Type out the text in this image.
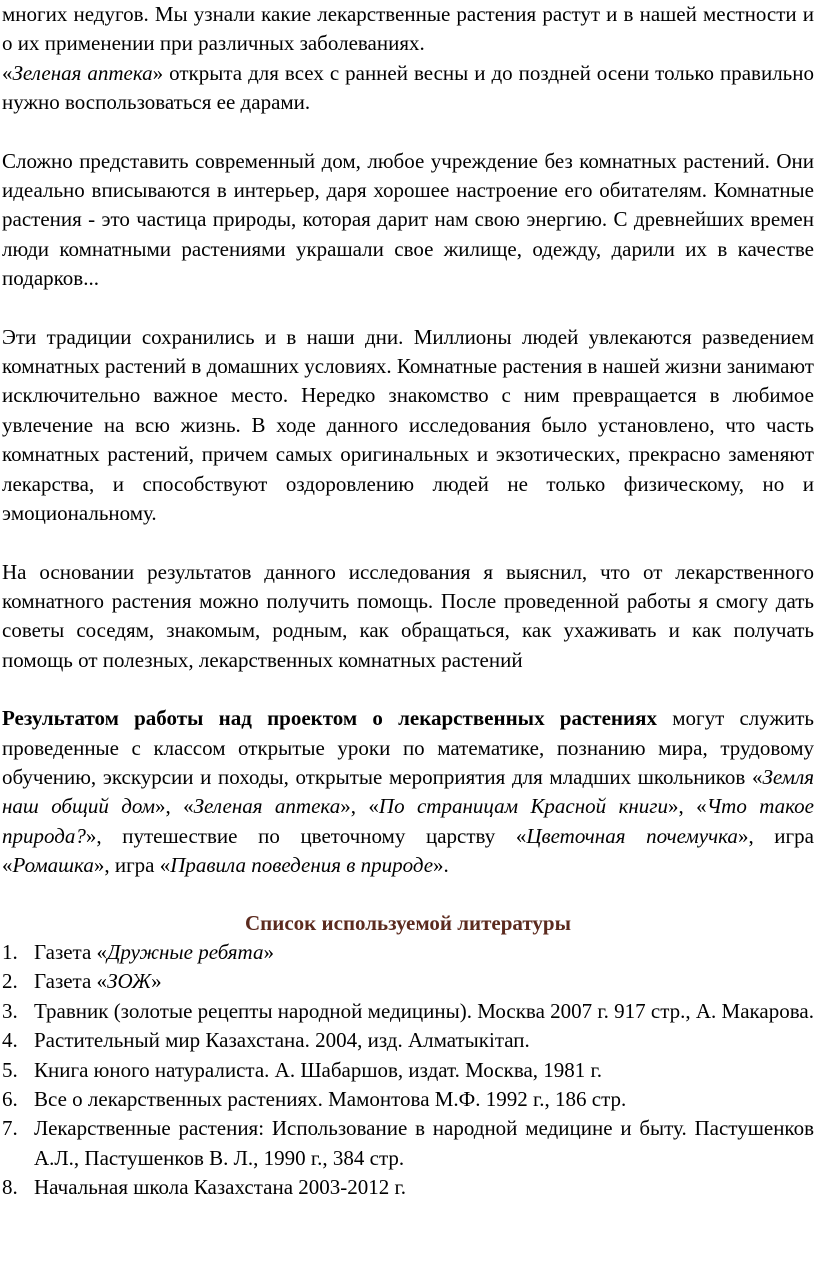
многих недугов. Мы узнали какие лекарственные растения растут и в нашей местности и о их применении при различных заболеваниях.
«Зеленая аптека» открыта для всех с ранней весны и до поздней осени только правильно нужно воспользоваться ее дарами.

Сложно представить современный дом, любое учреждение без комнатных растений. Они идеально вписываются в интерьер, даря хорошее настроение его обитателям. Комнатные растения - это частица природы, которая дарит нам свою энергию. С древнейших времен люди комнатными растениями украшали свое жилище, одежду, дарили их в качестве подарков...

Эти традиции сохранились и в наши дни. Миллионы людей увлекаются разведением комнатных растений в домашних условиях. Комнатные растения в нашей жизни занимают исключительно важное место. Нередко знакомство с ним превращается в любимое увлечение на всю жизнь. В ходе данного исследования было установлено, что часть комнатных растений, причем самых оригинальных и экзотических, прекрасно заменяют лекарства, и способствуют оздоровлению людей не только физическому, но и эмоциональному.

На основании результатов данного исследования я выяснил, что от лекарственного комнатного растения можно получить помощь. После проведенной работы я смогу дать советы соседям, знакомым, родным, как обращаться, как ухаживать и как получать помощь от полезных, лекарственных комнатных растений

Результатом работы над проектом о лекарственных растениях могут служить проведенные с классом открытые уроки по математике, познанию мира, трудовому обучению, экскурсии и походы, открытые мероприятия для младших школьников «Земля наш общий дом», «Зеленая аптека», «По страницам Красной книги», «Что такое природа?», путешествие по цветочному царству «Цветочная почемучка», игра «Ромашка», игра «Правила поведения в природе».

Список используемой литературы
1. Газета «Дружные ребята»
2. Газета «ЗОЖ»
3. Травник (золотые рецепты народной медицины). Москва 2007 г. 917 стр., А. Макарова.
4. Растительный мир Казахстана. 2004, изд. Алматыкітап.
5. Книга юного натуралиста. А. Шабаршов, издат. Москва, 1981 г.
6. Все о лекарственных растениях. Мамонтова М.Ф. 1992 г., 186 стр.
7. Лекарственные растения: Использование в народной медицине и быту. Пастушенков А.Л., Пастушенков В. Л., 1990 г., 384 стр.
8. Начальная школа Казахстана 2003-2012 г.
